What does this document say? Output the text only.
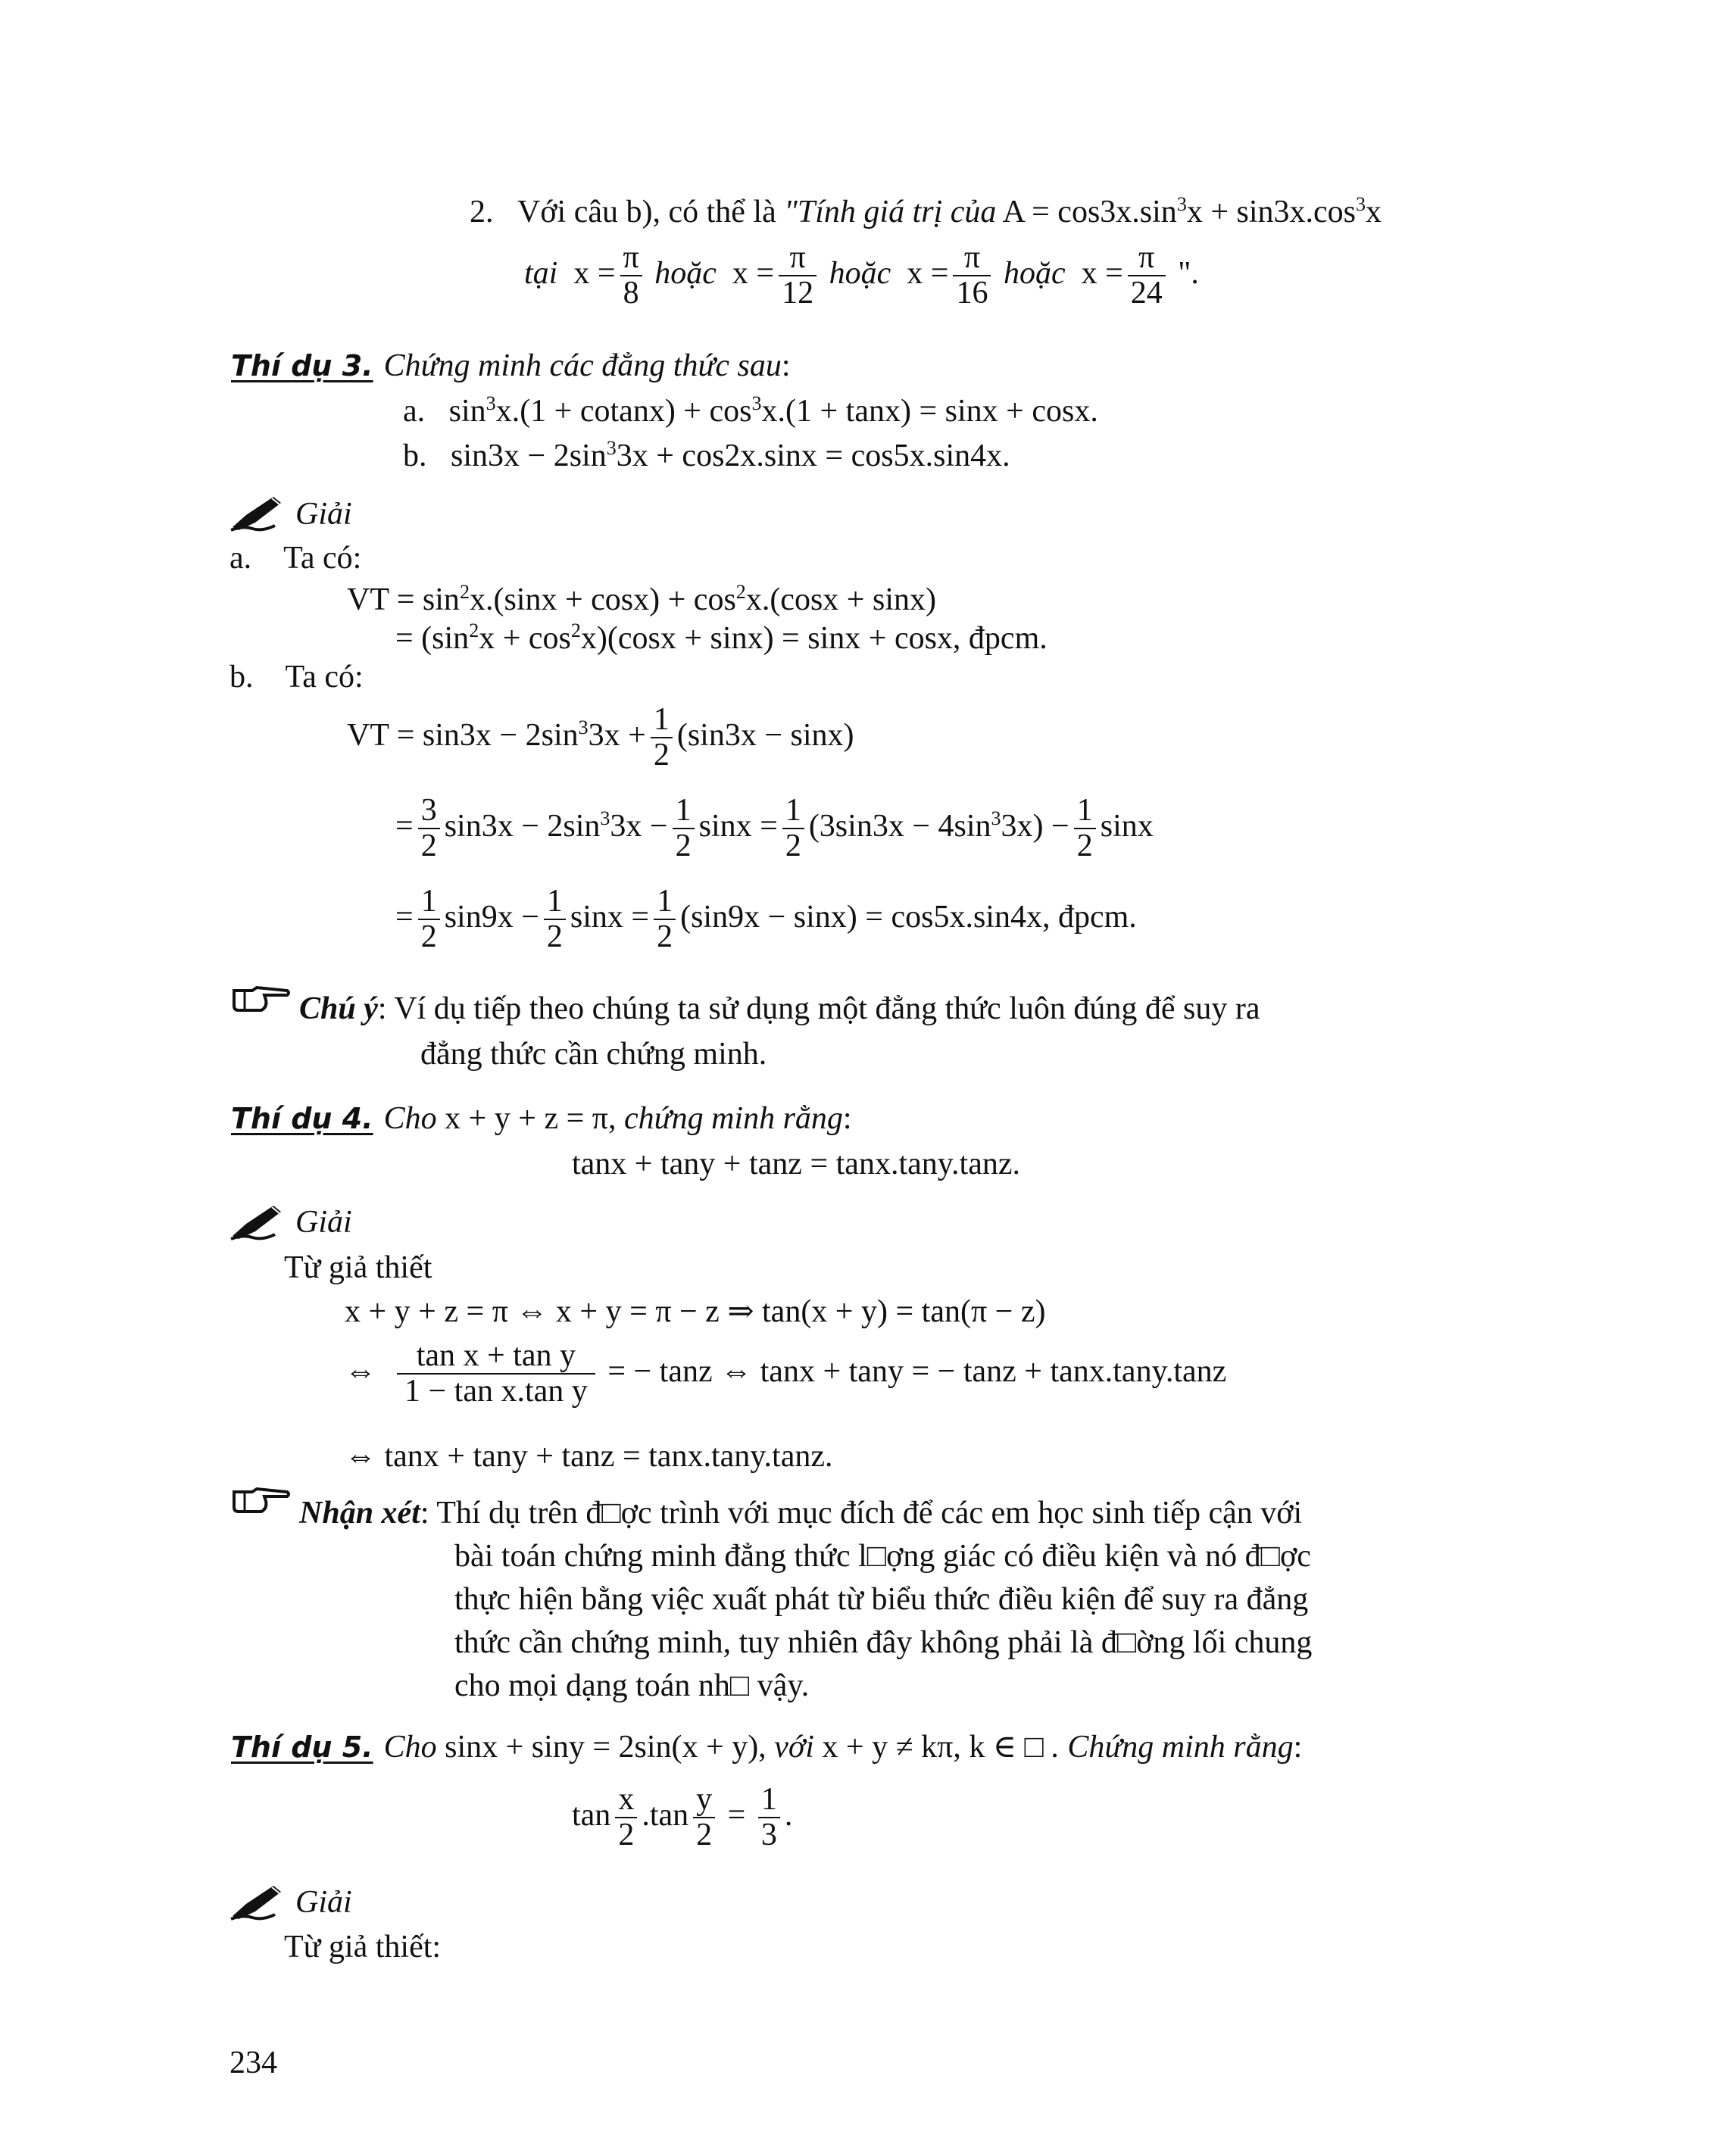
2. Với câu b), có thể là "Tính giá trị của $A = \cos 3x.\sin^3x + \sin 3x.\cos^3x$
tại $x = \frac{\pi}{8}$ hoặc $x = \frac{\pi}{12}$ hoặc $x = \frac{\pi}{16}$ hoặc $x = \frac{\pi}{24}$ ".
Thí dụ 3. Chứng minh các đẳng thức sau:
a. $\sin^3x.(1 + cotanx) + \cos^3x.(1 + \tan x) = \sin x + \cos x$.
b. $\sin 3x - 2\sin^33x + \cos 2x.\sin x = \cos 5x.\sin 4x$.
Giải
a. Ta có:
VT = $\sin^2x.(\sin x + \cos x) + \cos^2x.(\cos x + \sin x)$
= $(\sin^2x + \cos^2x)(\cos x + \sin x) = \sin x + \cos x$, đpcm.
b. Ta có:
VT = $\sin 3x - 2\sin^33x + \frac{1}{2} (\sin 3x - \sin x)$
= $\frac{3}{2} \sin 3x - 2\sin^33x - \frac{1}{2}$ $\sin x = \frac{1}{2} (3\sin 3x - 4\sin^33x) - \frac{1}{2}$ sinx
= $\frac{1}{2} \sin 9x - \frac{1}{2}$ $\sin x = \frac{1}{2} (\sin 9x - \sin x) = \cos 5x.\sin 4x$, đpcm.
Chú ý: Ví dụ tiếp theo chúng ta sử dụng một đẳng thức luôn đúng để suy ra
đẳng thức cần chứng minh.
Thí dụ 4. Cho x + y + z = π, chứng minh rằng:
tanx + tany + tanz = tanx.tany.tanz.
Giải
Từ giả thiết
x + y + z = π ⇔ x + y = π − z ⇒ tan(x + y) = tan(π − z)
⇔ $\frac{\text{tan x + tan y}}{\text{1 − tan x.tan y}}$ = − tanz ⇔ tanx + tany = − tanz + tanx.tany.tanz
⇔ tanx + tany + tanz = tanx.tany.tanz.
Nhận xét: Thí dụ trên đ□ợc trình với mục đích để các em học sinh tiếp cận với
bài toán chứng minh đẳng thức l□ợng giác có điều kiện và nó đ□ợc
thực hiện bằng việc xuất phát từ biểu thức điều kiện để suy ra đẳng
thức cần chứng minh, tuy nhiên đây không phải là đ□ờng lối chung
cho mọi dạng toán nh□ vậy.
Thí dụ 5. Cho sinx + siny = 2sin(x + y), với x + y ≠ kπ, k ∈ □ . Chứng minh rằng:
$\tan \frac{x}{2} .\tan \frac{y}{2} = \frac{1}{3}$ .
Giải
Từ giả thiết:
234
